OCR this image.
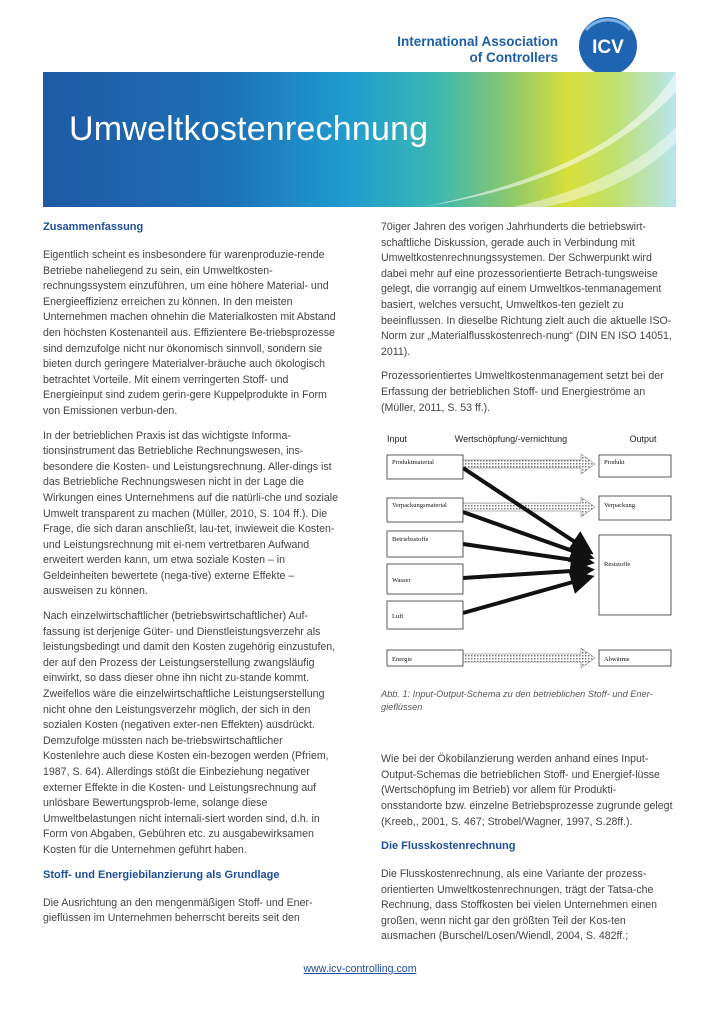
International Association
of Controllers ICV
Umweltkostenrechnung
Zusammenfassung

Eigentlich scheint es insbesondere für warenproduzie-rende Betriebe naheliegend zu sein, ein Umweltkosten-rechnungssystem einzuführen, um eine höhere Material- und Energieeffizienz erreichen zu können. In den meisten Unternehmen machen ohnehin die Materialkosten mit Abstand den höchsten Kostenanteil aus. Effizientere Be-triebsprozesse sind demzufolge nicht nur ökonomisch sinnvoll, sondern sie bieten durch geringere Materialver-bräuche auch ökologisch betrachtet Vorteile. Mit einem verringerten Stoff- und Energieinput sind zudem gerin-gere Kuppelprodukte in Form von Emissionen verbun-den.

In der betrieblichen Praxis ist das wichtigste Informa-tionsinstrument das Betriebliche Rechnungswesen, ins-besondere die Kosten- und Leistungsrechnung. Aller-dings ist das Betriebliche Rechnungswesen nicht in der Lage die Wirkungen eines Unternehmens auf die natürli-che und soziale Umwelt transparent zu machen (Müller, 2010, S. 104 ff.). Die Frage, die sich daran anschließt, lau-tet, inwieweit die Kosten- und Leistungsrechnung mit ei-nem vertretbaren Aufwand erweitert werden kann, um etwa soziale Kosten – in Geldeinheiten bewertete (nega-tive) externe Effekte – ausweisen zu können.

Nach einzelwirtschaftlicher (betriebswirtschaftlicher) Auf-fassung ist derjenige Güter- und Dienstleistungsverzehr als leistungsbedingt und damit den Kosten zugehörig einzustufen, der auf den Prozess der Leistungserstellung zwangsläufig einwirkt, so dass dieser ohne ihn nicht zu-stande kommt. Zweifellos wäre die einzelwirtschaftliche Leistungserstellung nicht ohne den Leistungsverzehr möglich, der sich in den sozialen Kosten (negativen exter-nen Effekten) ausdrückt. Demzufolge müssten nach be-triebswirtschaftlicher Kostenlehre auch diese Kosten ein-bezogen werden (Pfriem, 1987, S. 64). Allerdings stößt die Einbeziehung negativer externer Effekte in die Kosten- und Leistungsrechnung auf unlösbare Bewertungsprob-leme, solange diese Umweltbelastungen nicht internali-siert worden sind, d.h. in Form von Abgaben, Gebühren etc. zu ausgabewirksamen Kosten für die Unternehmen geführt haben.

Stoff- und Energiebilanzierung als Grundlage

Die Ausrichtung an den mengenmäßigen Stoff- und Ener-gieflüssen im Unternehmen beherrscht bereits seit den

70iger Jahren des vorigen Jahrhunderts die betriebswirt-schaftliche Diskussion, gerade auch in Verbindung mit Umweltkostenrechnungssystemen. Der Schwerpunkt wird dabei mehr auf eine prozessorientierte Betrach-tungsweise gelegt, die vorrangig auf einem Umweltkos-tenmanagement basiert, welches versucht, Umweltkos-ten gezielt zu beeinflussen. In dieselbe Richtung zielt auch die aktuelle ISO-Norm zur „Materialflusskostenrech-nung“ (DIN EN ISO 14051, 2011).

Prozessorientiertes Umweltkostenmanagement setzt bei der Erfassung der betrieblichen Stoff- und Energieströme an (Müller, 2011, S. 53 ff.).

Input	Wertschöpfung/-vernichtung	Output
Produktmaterial
Verpackungsmaterial
Betriebsstoffe
Wasser
Luft
Energie
Produkt
Verpackung
Reststoffe
Abwärme

Abb. 1: Input-Output-Schema zu den betrieblichen Stoff- und Ener-gieflüssen

Wie bei der Ökobilanzierung werden anhand eines Input-Output-Schemas die betrieblichen Stoff- und Energief-lüsse (Wertschöpfung im Betrieb) vor allem für Produkti-onsstandorte bzw. einzelne Betriebsprozesse zugrunde gelegt (Kreeb,, 2001, S. 467; Strobel/Wagner, 1997, S.28ff.).

Die Flusskostenrechnung

Die Flusskostenrechnung, als eine Variante der prozess-orientierten Umweltkostenrechnungen, trägt der Tatsa-che Rechnung, dass Stoffkosten bei vielen Unternehmen einen großen, wenn nicht gar den größten Teil der Kos-ten ausmachen (Burschel/Losen/Wiendl, 2004, S. 482ff.;

www.icv-controlling.com
